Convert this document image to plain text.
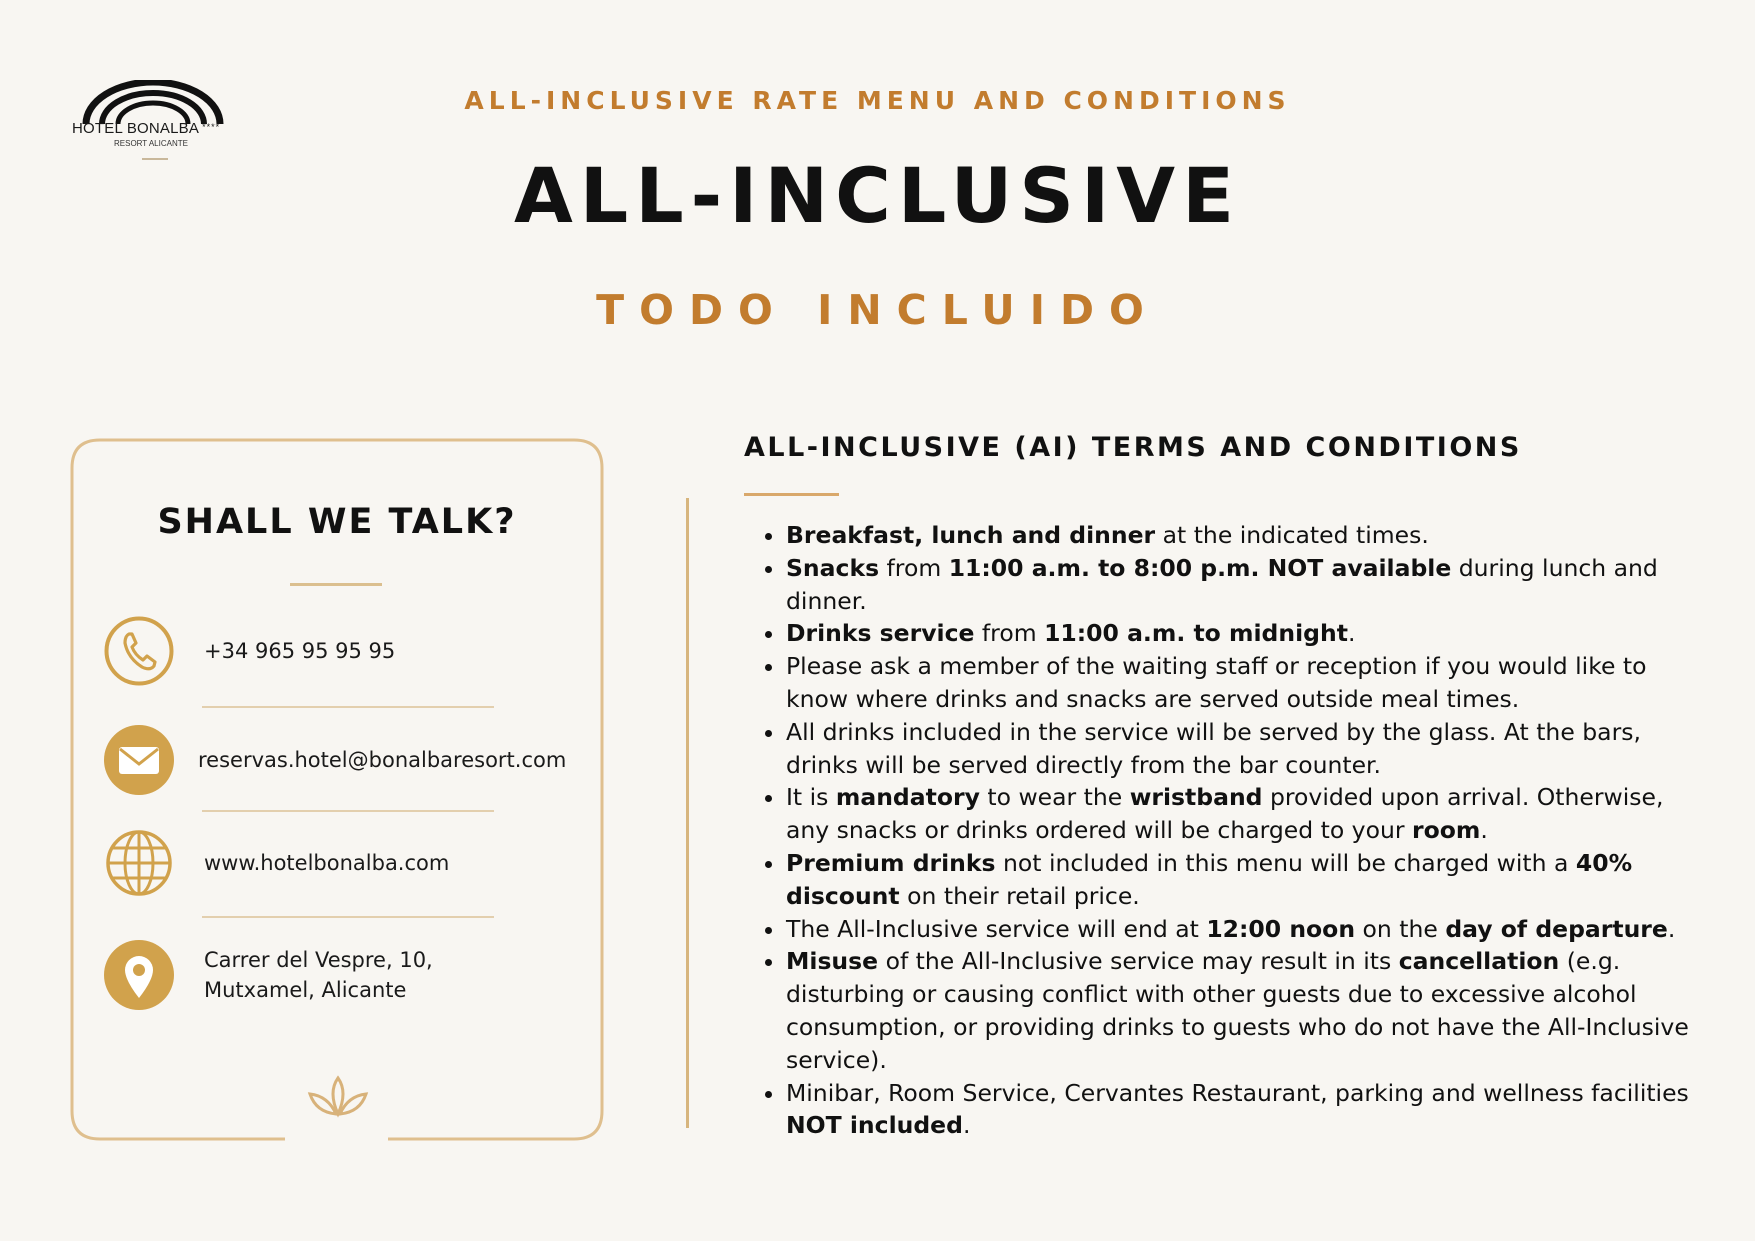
HOTEL BONALBA ****
RESORT ALICANTE
ALL-INCLUSIVE RATE MENU AND CONDITIONS
ALL-INCLUSIVE
TODO INCLUIDO
SHALL WE TALK?
+34 965 95 95 95
reservas.hotel@bonalbaresort.com
www.hotelbonalba.com
Carrer del Vespre, 10,
Mutxamel, Alicante
ALL-INCLUSIVE (AI) TERMS AND CONDITIONS
• Breakfast, lunch and dinner at the indicated times.
• Snacks from 11:00 a.m. to 8:00 p.m. NOT available during lunch and dinner.
• Drinks service from 11:00 a.m. to midnight.
• Please ask a member of the waiting staff or reception if you would like to know where drinks and snacks are served outside meal times.
• All drinks included in the service will be served by the glass. At the bars, drinks will be served directly from the bar counter.
• It is mandatory to wear the wristband provided upon arrival. Otherwise, any snacks or drinks ordered will be charged to your room.
• Premium drinks not included in this menu will be charged with a 40% discount on their retail price.
• The All-Inclusive service will end at 12:00 noon on the day of departure.
• Misuse of the All-Inclusive service may result in its cancellation (e.g. disturbing or causing conflict with other guests due to excessive alcohol consumption, or providing drinks to guests who do not have the All-Inclusive service).
• Minibar, Room Service, Cervantes Restaurant, parking and wellness facilities NOT included.
